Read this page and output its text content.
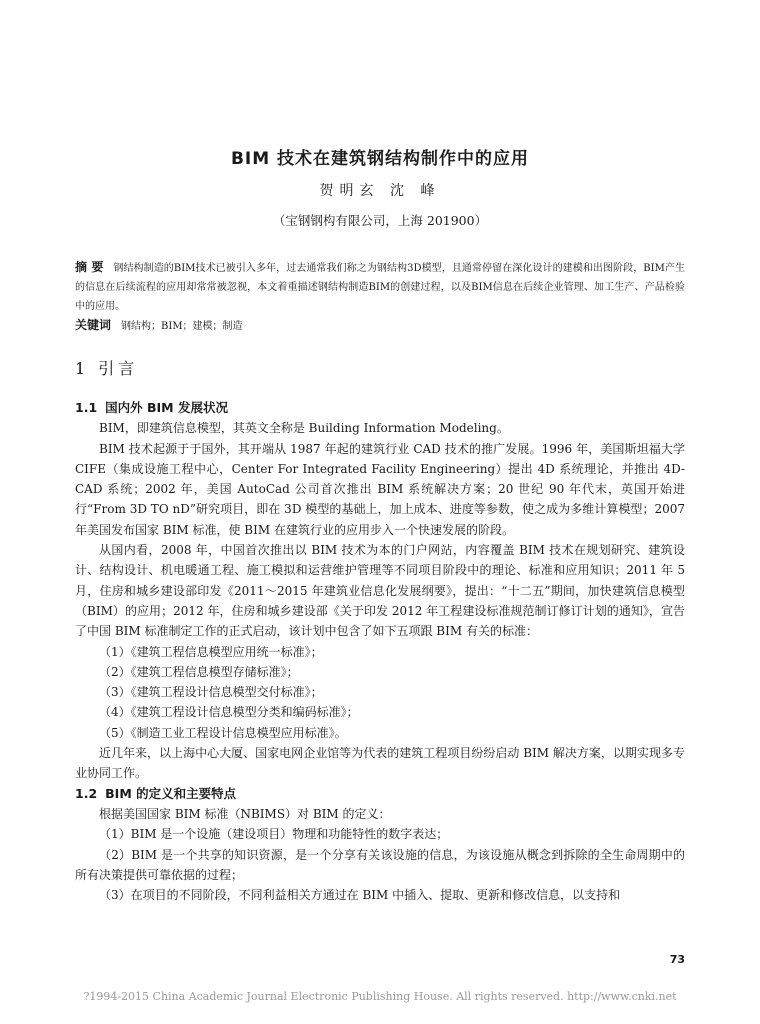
BIM 技术在建筑钢结构制作中的应用
贺明玄 沈 峰
（宝钢钢构有限公司，上海 201900）
摘 要 钢结构制造的BIM技术已被引入多年，过去通常我们称之为钢结构3D模型，且通常停留在深化设计的建模和出图阶段，BIM产生的信息在后续流程的应用却常常被忽视，本文着重描述钢结构制造BIM的创建过程，以及BIM信息在后续企业管理、加工生产、产品检验中的应用。
关键词 钢结构；BIM；建模；制造
1 引言
1.1 国内外 BIM 发展状况

BIM，即建筑信息模型，其英文全称是 Building Information Modeling。

BIM 技术起源于于国外，其开端从 1987 年起的建筑行业 CAD 技术的推广发展。1996 年，美国斯坦福大学 CIFE（集成设施工程中心，Center For Integrated Facility Engineering）提出 4D 系统理论，并推出 4D-CAD 系统；2002 年，美国 AutoCad 公司首次推出 BIM 系统解决方案；20 世纪 90 年代末，英国开始进行“From 3D TO nD”研究项目，即在 3D 模型的基础上，加上成本、进度等参数，使之成为多维计算模型；2007 年美国发布国家 BIM 标准，使 BIM 在建筑行业的应用步入一个快速发展的阶段。

从国内看，2008 年，中国首次推出以 BIM 技术为本的门户网站，内容覆盖 BIM 技术在规划研究、建筑设计、结构设计、机电暖通工程、施工模拟和运营维护管理等不同项目阶段中的理论、标准和应用知识；2011 年 5 月，住房和城乡建设部印发《2011～2015 年建筑业信息化发展纲要》，提出：“十二五”期间，加快建筑信息模型（BIM）的应用；2012 年，住房和城乡建设部《关于印发 2012 年工程建设标准规范制订修订计划的通知》，宣告了中国 BIM 标准制定工作的正式启动，该计划中包含了如下五项跟 BIM 有关的标准：

（1）《建筑工程信息模型应用统一标准》；

（2）《建筑工程信息模型存储标准》；

（3）《建筑工程设计信息模型交付标准》；

（4）《建筑工程设计信息模型分类和编码标准》；

（5）《制造工业工程设计信息模型应用标准》。

近几年来，以上海中心大厦、国家电网企业馆等为代表的建筑工程项目纷纷启动 BIM 解决方案，以期实现多专业协同工作。

1.2 BIM 的定义和主要特点

根据美国国家 BIM 标准（NBIMS）对 BIM 的定义：

（1）BIM 是一个设施（建设项目）物理和功能特性的数字表达；

（2）BIM 是一个共享的知识资源，是一个分享有关该设施的信息，为该设施从概念到拆除的全生命周期中的所有决策提供可靠依据的过程；

（3）在项目的不同阶段，不同利益相关方通过在 BIM 中插入、提取、更新和修改信息，以支持和

73
?1994-2015 China Academic Journal Electronic Publishing House. All rights reserved. http://www.cnki.net
